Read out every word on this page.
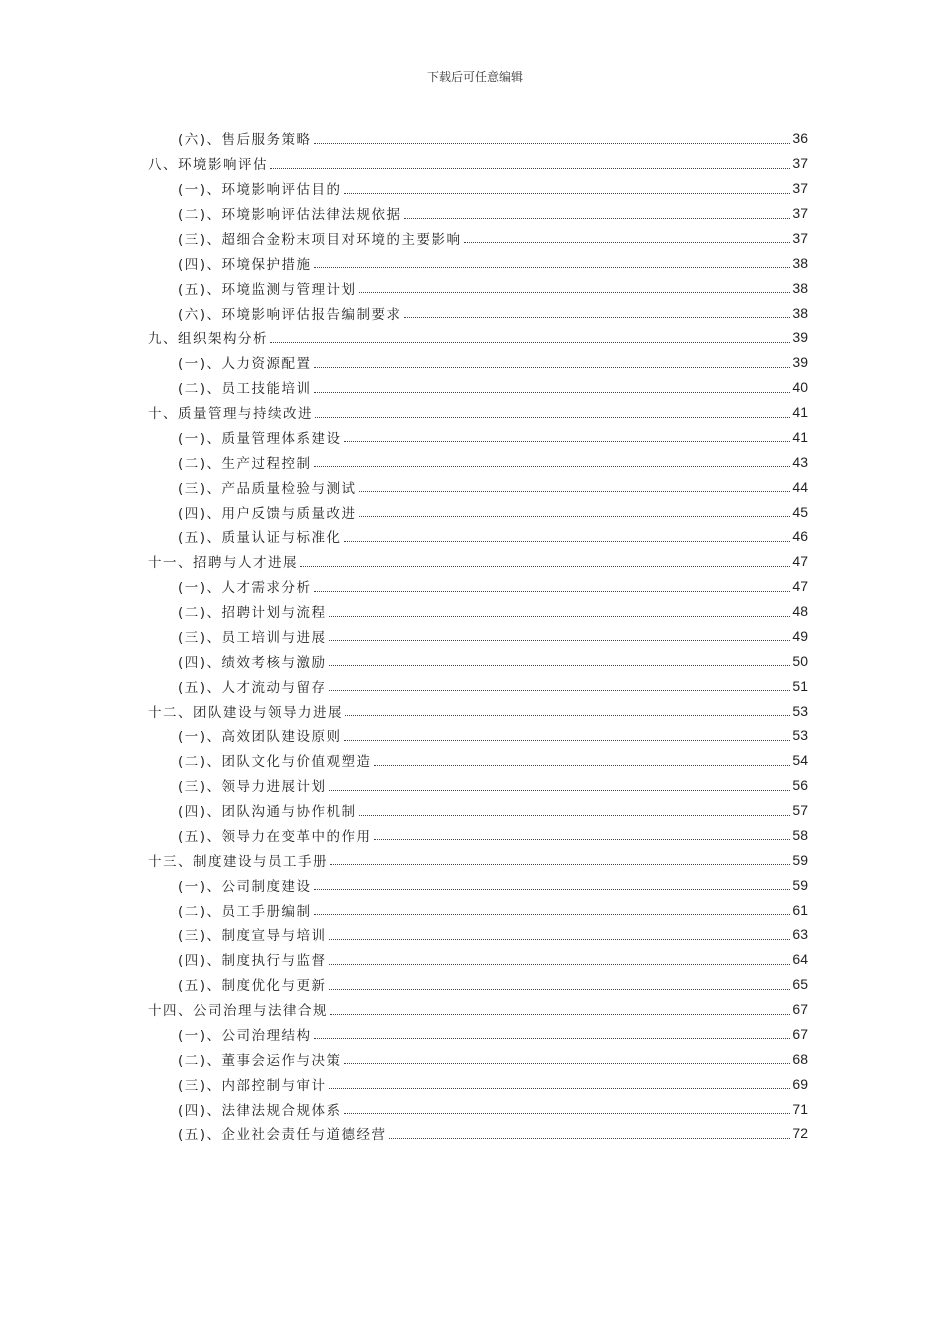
下载后可任意编辑
(六)、售后服务策略	36
八、环境影响评估	37
(一)、环境影响评估目的	37
(二)、环境影响评估法律法规依据	37
(三)、超细合金粉末项目对环境的主要影响	37
(四)、环境保护措施	38
(五)、环境监测与管理计划	38
(六)、环境影响评估报告编制要求	38
九、组织架构分析	39
(一)、人力资源配置	39
(二)、员工技能培训	40
十、质量管理与持续改进	41
(一)、质量管理体系建设	41
(二)、生产过程控制	43
(三)、产品质量检验与测试	44
(四)、用户反馈与质量改进	45
(五)、质量认证与标准化	46
十一、招聘与人才进展	47
(一)、人才需求分析	47
(二)、招聘计划与流程	48
(三)、员工培训与进展	49
(四)、绩效考核与激励	50
(五)、人才流动与留存	51
十二、团队建设与领导力进展	53
(一)、高效团队建设原则	53
(二)、团队文化与价值观塑造	54
(三)、领导力进展计划	56
(四)、团队沟通与协作机制	57
(五)、领导力在变革中的作用	58
十三、制度建设与员工手册	59
(一)、公司制度建设	59
(二)、员工手册编制	61
(三)、制度宣导与培训	63
(四)、制度执行与监督	64
(五)、制度优化与更新	65
十四、公司治理与法律合规	67
(一)、公司治理结构	67
(二)、董事会运作与决策	68
(三)、内部控制与审计	69
(四)、法律法规合规体系	71
(五)、企业社会责任与道德经营	72
